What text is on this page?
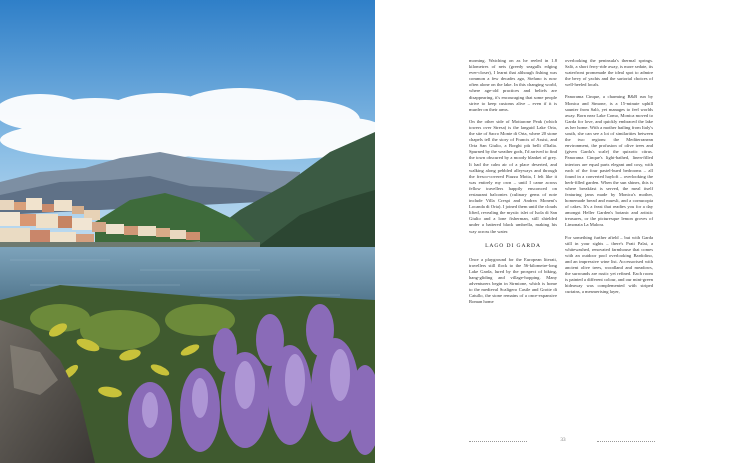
morning. Watching on as he reeled in 1.8 kilometres of nets (greedy seagulls edging ever-closer), I learnt that although fishing was common a few decades ago, Stefano is now often alone on the lake. In this changing world, where age-old practices and beliefs are disappearing, it's encouraging that some people strive to keep customs alive – even if it is murder on their arms.

On the other side of Mottarone Peak (which towers over Stresa) is the languid Lake Orta, the site of Sacro Monte di Orta, where 20 stone chapels tell the story of Francis of Assisi, and Orta San Giulio, a Borghi più belli d'Italia. Spurned by the weather gods, I'd arrived to find the town obscured by a moody blanket of grey. It had the calm air of a place deserted, and walking along pebbled alleyways and through the fresco-covered Piazza Motta, I felt like it was entirely my own – until I came across fellow travellers happily ensconced on restaurant balconies (culinary gems of note include Villa Crespi and Andrea Moneni's Locanda di Orta). I joined them until the clouds lifted, revealing the mystic islet of Isola di San Giulio and a lone fisherman, still shielded under a battered black umbrella, making his way across the water.

LAGO DI GARDA

Once a playground for the European literati, travellers still flock to the 56-kilometre-long Lake Garda, lured by the prospect of biking, hang-gliding and village-hopping. Many adventurers begin in Sirmione, which is home to the medieval Scaligero Castle and Grotte di Catullo, the stone remains of a once-expansive Roman home

overlooking the peninsula's thermal springs. Salò, a short ferry-ride away, is more sedate, its waterfront promenade the ideal spot to admire the bevy of yachts and the sartorial choices of well-heeled locals.

Panorama Cinque, a charming B&B run by Monica and Simone, is a 15-minute uphill saunter from Salò, yet manages to feel worlds away. Born near Lake Como, Monica moved to Garda for love, and quickly embraced the lake as her home. With a mother hailing from Italy's south, she can see a lot of similarities between the two regions: the Mediterranean environment, the profusion of olive trees and (given Garda's scale) the quixotic citrus. Panorama Cinque's light-bathed, linen-filled interiors are equal parts elegant and cosy, with each of the four pastel-hued bedrooms – all found in a converted hayloft – overlooking the herb-filled garden. When the sun shines, this is where breakfast is served, the meal itself featuring jams made by Monica's mother, homemade bread and muesli, and a cornucopia of cakes. It's a feast that readies you for a day amongst Heller Garden's botanic and artistic treasures, or the picturesque lemon groves of Limonaia La Malora.

For something further afield – but with Garda still in your sights – there's Prati Palai, a whitewashed, renovated farmhouse that comes with an outdoor pool overlooking Bardolino, and an impressive wine list. Accessorised with ancient olive trees, woodland and meadows, the surrounds are rustic yet refined. Each room is painted a different colour, and our mint-green hideaway was complemented with striped curtains, a mesmerising layer,

33
